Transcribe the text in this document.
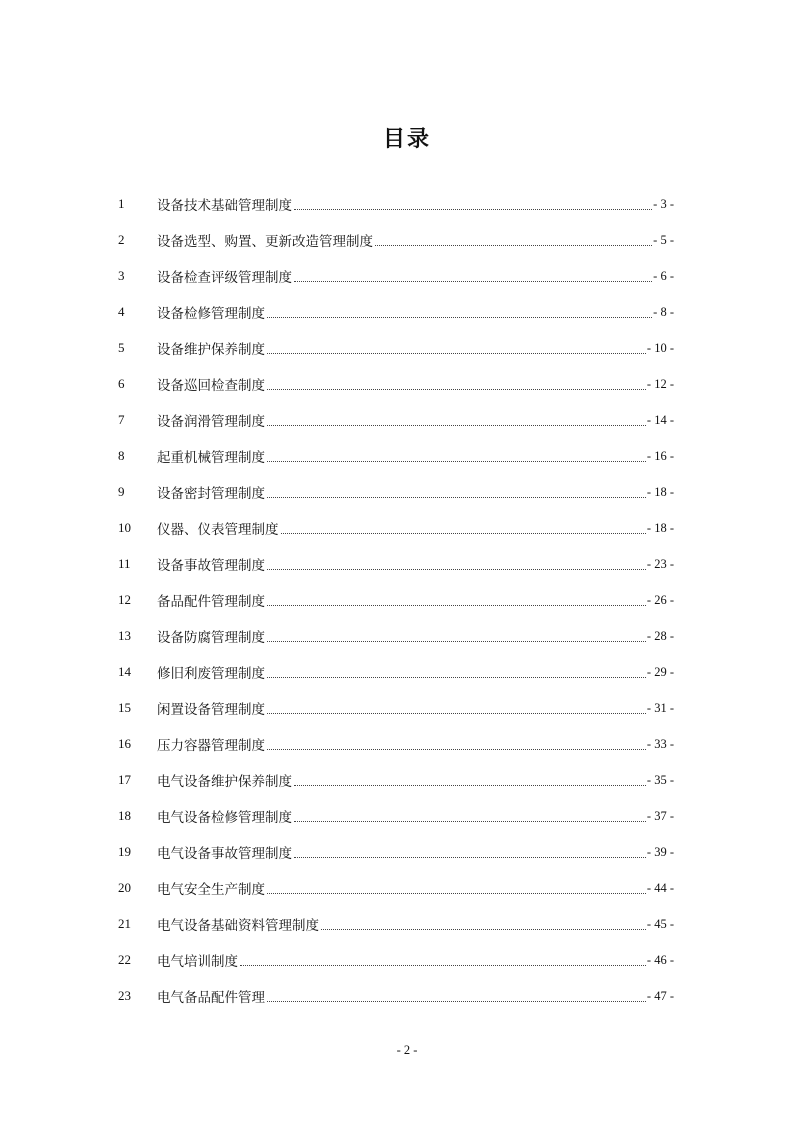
目录
1	设备技术基础管理制度	- 3 -
2	设备选型、购置、更新改造管理制度	- 5 -
3	设备检查评级管理制度	- 6 -
4	设备检修管理制度	- 8 -
5	设备维护保养制度	- 10 -
6	设备巡回检查制度	- 12 -
7	设备润滑管理制度	- 14 -
8	起重机械管理制度	- 16 -
9	设备密封管理制度	- 18 -
10	仪器、仪表管理制度	- 18 -
11	设备事故管理制度	- 23 -
12	备品配件管理制度	- 26 -
13	设备防腐管理制度	- 28 -
14	修旧利废管理制度	- 29 -
15	闲置设备管理制度	- 31 -
16	压力容器管理制度	- 33 -
17	电气设备维护保养制度	- 35 -
18	电气设备检修管理制度	- 37 -
19	电气设备事故管理制度	- 39 -
20	电气安全生产制度	- 44 -
21	电气设备基础资料管理制度	- 45 -
22	电气培训制度	- 46 -
23	电气备品配件管理	- 47 -
- 2 -
